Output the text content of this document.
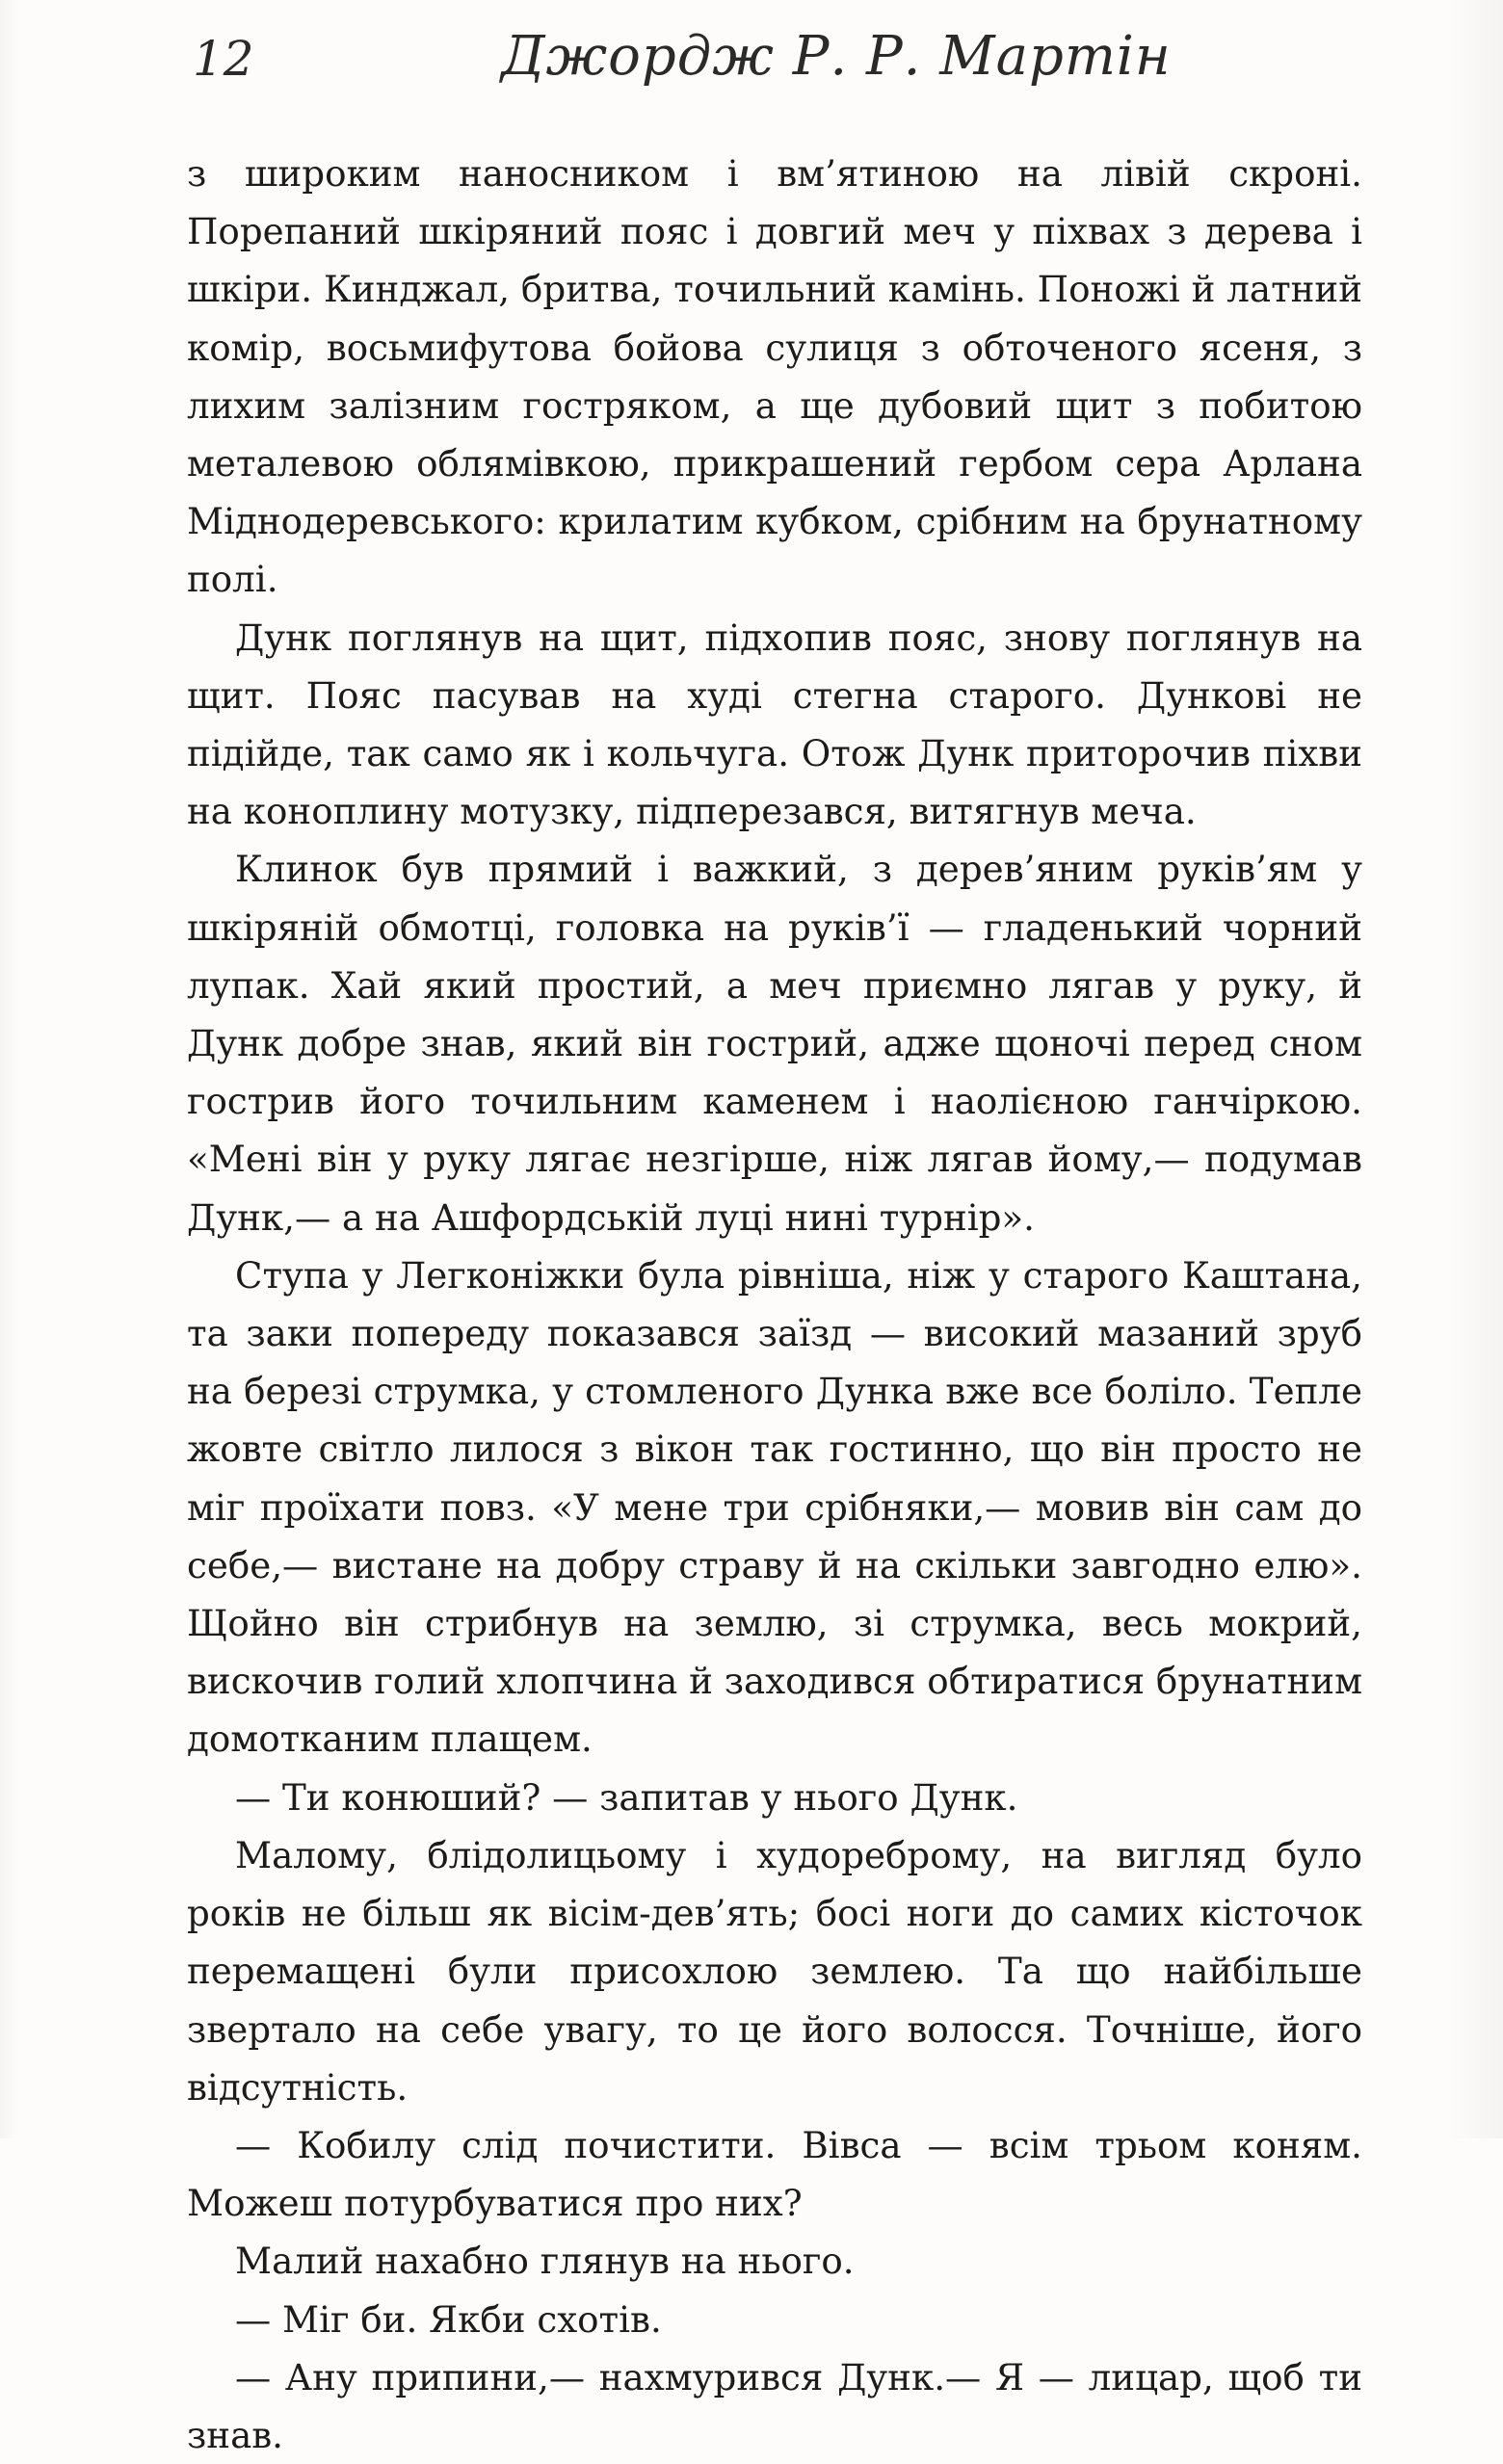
12	Джордж Р. Р. Мартін

з широким наносником і вм’ятиною на лівій скроні. Порепаний шкіряний пояс і довгий меч у піхвах з дерева і шкіри. Кинджал, бритва, точильний камінь. Поножі й латний комір, восьмифутова бойова сулиця з обточеного ясеня, з лихим залізним гостряком, а ще дубовий щит з побитою металевою облямівкою, прикрашений гербом сера Арлана Міднодеревського: крилатим кубком, срібним на брунатному полі.

Дунк поглянув на щит, підхопив пояс, знову поглянув на щит. Пояс пасував на худі стегна старого. Дункові не підійде, так само як і кольчуга. Отож Дунк приторочив піхви на коноплину мотузку, підперезався, витягнув меча.

Клинок був прямий і важкий, з дерев’яним руків’ям у шкіряній обмотці, головка на руків’ї — гладенький чорний лупак. Хай який простий, а меч приємно лягав у руку, й Дунк добре знав, який він гострий, адже щоночі перед сном гострив його точильним каменем і наолієною ганчіркою. «Мені він у руку лягає незгірше, ніж лягав йому,— подумав Дунк,— а на Ашфордській луці нині турнір».

Ступа у Легконіжки була рівніша, ніж у старого Каштана, та заки попереду показався заїзд — високий мазаний зруб на березі струмка, у стомленого Дунка вже все боліло. Тепле жовте світло лилося з вікон так гостинно, що він просто не міг проїхати повз. «У мене три срібняки,— мовив він сам до себе,— вистане на добру страву й на скільки завгодно елю». Щойно він стрибнув на землю, зі струмка, весь мокрий, вискочив голий хлопчина й заходився обтиратися брунатним домотканим плащем.

— Ти конюший? — запитав у нього Дунк.

Малому, блідолицьому і худореброму, на вигляд було років не більш як вісім-дев’ять; босі ноги до самих кісточок перемащені були присохлою землею. Та що найбільше звертало на себе увагу, то це його волосся. Точніше, його відсутність.

— Кобилу слід почистити. Вівса — всім трьом коням. Можеш потурбуватися про них?

Малий нахабно глянув на нього.

— Міг би. Якби схотів.

— Ану припини,— нахмурився Дунк.— Я — лицар, щоб ти знав.
